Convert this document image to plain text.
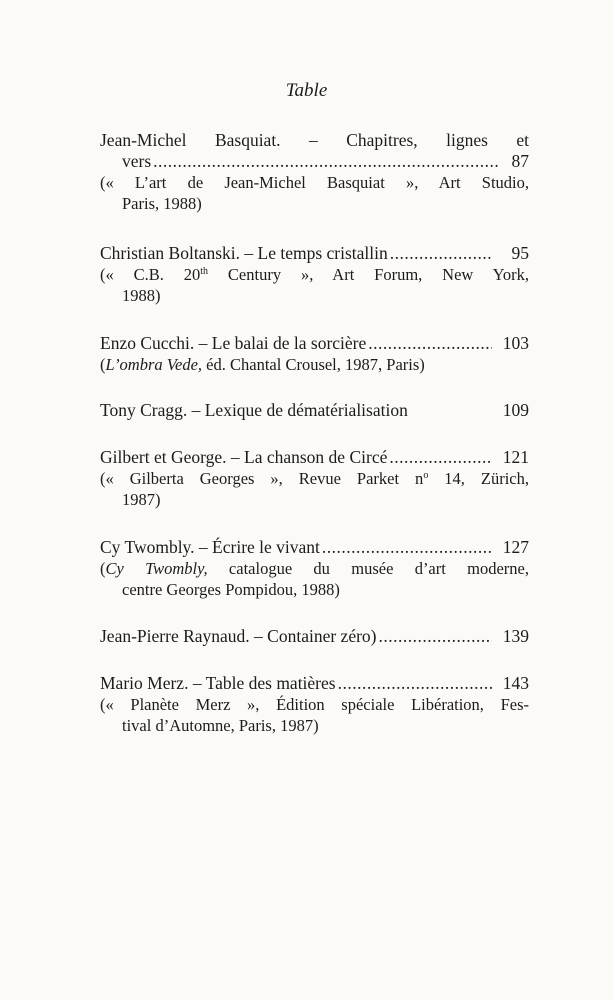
Table
Jean-Michel Basquiat. – Chapitres, lignes et
vers .....	87
(« L’art de Jean-Michel Basquiat », Art Studio,
Paris, 1988)
Christian Boltanski. – Le temps cristallin .....	95
(« C.B. 20th Century », Art Forum, New York,
1988)
Enzo Cucchi. – Le balai de la sorcière .....	103
(L’ombra Vede, éd. Chantal Crousel, 1987, Paris)
Tony Cragg. – Lexique de dématérialisation	109
Gilbert et George. – La chanson de Circé .....	121
(« Gilberta Georges », Revue Parket $n^o$ 14, Zürich,
1987)
Cy Twombly. – Écrire le vivant .....	127
(Cy Twombly, catalogue du musée d’art moderne,
centre Georges Pompidou, 1988)
Jean-Pierre Raynaud. – Container zéro) .....	139
Mario Merz. – Table des matières .....	143
(« Planète Merz », Édition spéciale Libération, Fes-
tival d’Automne, Paris, 1987)
